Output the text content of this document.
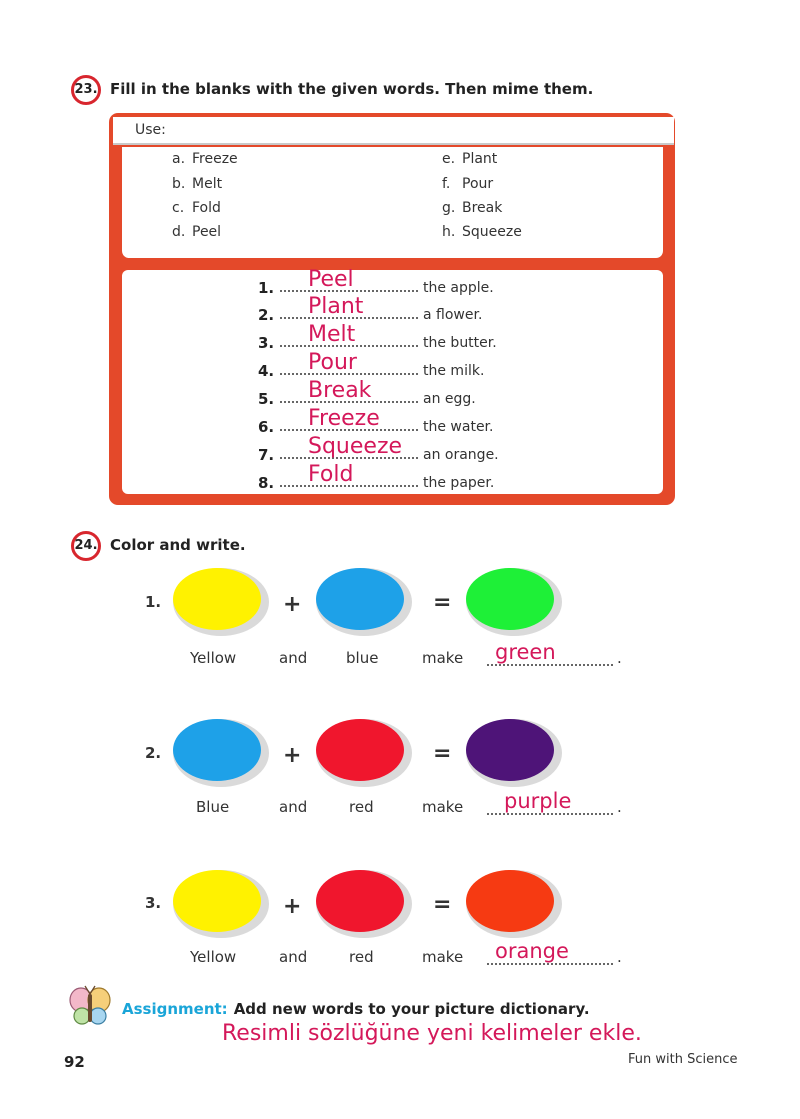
23. Fill in the blanks with the given words. Then mime them.
Use:
a. Freeze
b. Melt
c. Fold
d. Peel
e. Plant
f. Pour
g. Break
h. Squeeze
1. Peel	the apple.
2. Plant	a flower.
3. Melt	the butter.
4. Pour	the milk.
5. Break	an egg.
6. Freeze	the water.
7. Squeeze an orange.
8. Fold	the paper.
24. Color and write.
1.	+	=
Yellow	and	blue	make	.
green
2.	+	=
Blue	and	red	make	.
purple
3.	+	=
Yellow	and	red	make	.
orange
Assignment: Add new words to your picture dictionary.
Resimli sözlüğüne yeni kelimeler ekle.
92	Fun with Science
